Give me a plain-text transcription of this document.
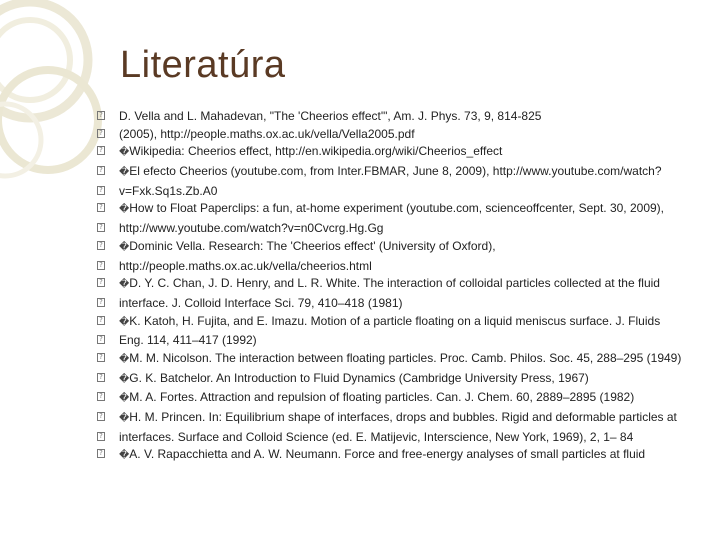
Literatúra
? D. Vella and L. Mahadevan, "The 'Cheerios effect'", Am. J. Phys. 73, 9, 814-825
? (2005), http://people.maths.ox.ac.uk/vella/Vella2005.pdf
? �Wikipedia: Cheerios effect, http://en.wikipedia.org/wiki/Cheerios_effect
? �El efecto Cheerios (youtube.com, from Inter.FBMAR, June 8, 2009), http://www.youtube.com/watch?
? v=Fxk.Sq1s.Zb.A0
? �How to Float Paperclips: a fun, at-home experiment (youtube.com, scienceoffcenter, Sept. 30, 2009),
? http://www.youtube.com/watch?v=n0Cvcrg.Hg.Gg
? �Dominic Vella. Research: The 'Cheerios effect' (University of Oxford),
? http://people.maths.ox.ac.uk/vella/cheerios.html
? �D. Y. C. Chan, J. D. Henry, and L. R. White. The interaction of colloidal particles collected at the fluid
? interface. J. Colloid Interface Sci. 79, 410–418 (1981)
? �K. Katoh, H. Fujita, and E. Imazu. Motion of a particle floating on a liquid meniscus surface. J. Fluids
? Eng. 114, 411–417 (1992)
? �M. M. Nicolson. The interaction between floating particles. Proc. Camb. Philos. Soc. 45, 288–295 (1949)
? �G. K. Batchelor. An Introduction to Fluid Dynamics (Cambridge University Press, 1967)
? �M. A. Fortes. Attraction and repulsion of floating particles. Can. J. Chem. 60, 2889–2895 (1982)
? �H. M. Princen. In: Equilibrium shape of interfaces, drops and bubbles. Rigid and deformable particles at
? interfaces. Surface and Colloid Science (ed. E. Matijevic, Interscience, New York, 1969), 2, 1– 84
? �A. V. Rapacchietta and A. W. Neumann. Force and free-energy analyses of small particles at fluid
